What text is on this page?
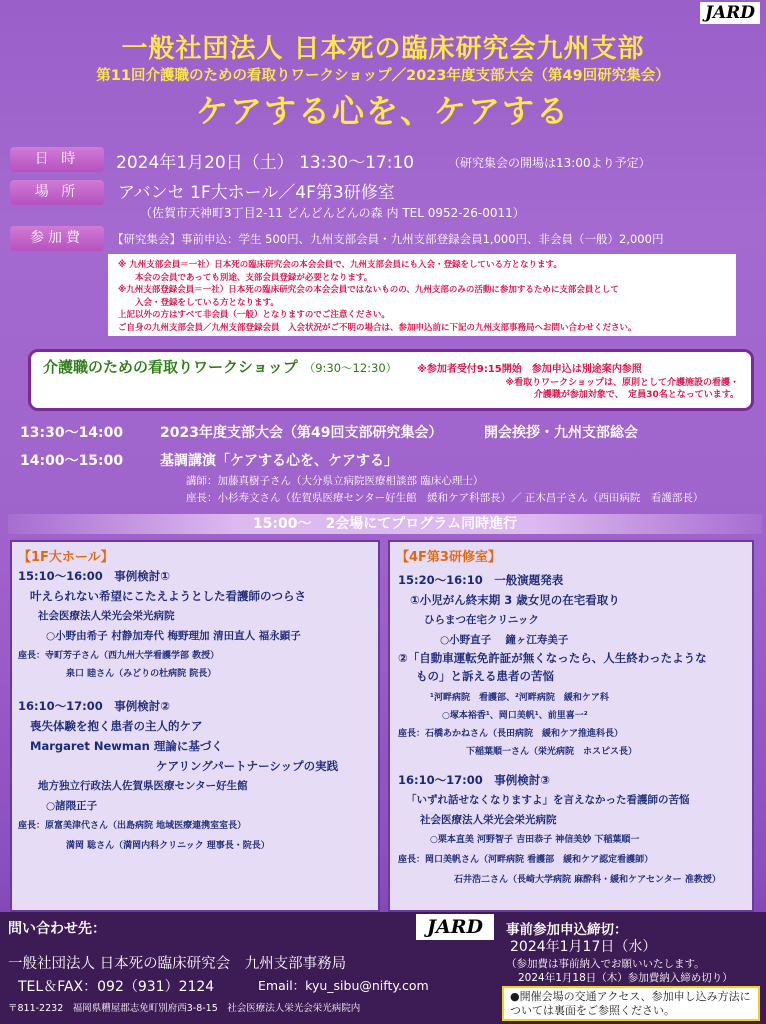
JARD
一般社団法人 日本死の臨床研究会九州支部
第11回介護職のための看取りワークショップ／2023年度支部大会（第49回研究集会）
ケアする心を、ケアする
日 時	2024年1月20日（土） 13:30〜17:10	（研究集会の開場は13:00より予定）
場 所	アバンセ 1F大ホール／4F第3研修室
（佐賀市天神町3丁目2-11 どんどんどんの森 内 TEL 0952-26-0011）
参加費	【研究集会】事前申込：学生 500円、九州支部会員・九州支部登録会員1,000円、非会員（一般）2,000円
※ 九州支部会員＝一社）日本死の臨床研究会の本会会員で、九州支部会員にも入会・登録をしている方となります。
　　本会の会員であっても別途、支部会員登録が必要となります。
※九州支部登録会員＝一社）日本死の臨床研究会の本会会員ではないものの、九州支部のみの活動に参加するために支部会員として
　　入会・登録をしている方となります。
上記以外の方はすべて非会員（一般）となりますのでご注意ください。
ご自身の九州支部会員／九州支部登録会員　入会状況がご不明の場合は、参加申込前に下記の九州支部事務局へお問い合わせください。
介護職のための看取りワークショップ （9:30〜12:30） ※参加者受付9:15開始　参加申込は別途案内参照
※看取りワークショップは、原則として介護施設の看護・
介護職が参加対象で、　定員30名となっています。
13:30〜14:00	2023年度支部大会（第49回支部研究集会）	開会挨拶・九州支部総会
14:00〜15:00	基調講演「ケアする心を、ケアする」
講師：加藤真樹子さん（大分県立病院医療相談部 臨床心理士）
座長：小杉寿文さん（佐賀県医療センター好生館　緩和ケア科部長）／ 正木昌子さん（西田病院　看護部長）
15:00〜　2会場にてプログラム同時進行
【1F大ホール】
15:10〜16:00　事例検討①
叶えられない希望にこたえようとした看護師のつらさ
社会医療法人栄光会栄光病院
○小野由希子 村静加寿代 梅野理加 清田直人 福永顕子
座長：寺町芳子さん（西九州大学看護学部 教授）
泉口 睦さん（みどりの杜病院 院長）
16:10〜17:00　事例検討②
喪失体験を抱く患者の主人的ケア
Margaret Newman 理論に基づく
ケアリングパートナーシップの実践
地方独立行政法人佐賀県医療センター好生館
○諸隈正子
座長：原富美津代さん（出島病院 地域医療連携室室長）
満岡 聡さん（満岡内科クリニック 理事長・院長）
【4F第3研修室】
15:20〜16:10　一般演題発表
①小児がん終末期 3 歳女児の在宅看取り
ひらまつ在宅クリニック
○小野直子　 鐘ヶ江寿美子
②「自動車運転免許証が無くなったら、人生終わったような
もの」と訴える患者の苦悩
¹河畔病院　看護部、²河畔病院　緩和ケア科
○塚本裕香¹、岡口美帆¹、前里喜一²
座長：石橋あかねさん（長田病院　緩和ケア推進科長）
下稲葉順一さん（栄光病院　ホスピス長）
16:10〜17:00　事例検討③
「いずれ話せなくなりますよ」を言えなかった看護師の苦悩
社会医療法人栄光会栄光病院
○栗本直美 河野智子 吉田恭子 神信美妙 下稲葉順一
座長：岡口美帆さん（河畔病院 看護部　緩和ケア認定看護師）
石井浩二さん（長崎大学病院 麻酔科・緩和ケアセンター 准教授）
問い合わせ先：
一般社団法人 日本死の臨床研究会　九州支部事務局
TEL＆FAX：092（931）2124	Email：kyu_sibu@nifty.com
〒811-2232　福岡県糟屋郡志免町別府西3-8-15　社会医療法人栄光会栄光病院内
JARD	事前参加申込締切：
2024年1月17日（水）
（参加費は事前納入でお願いいたします。
2024年1月18日（木）参加費納入締め切り）
●開催会場の交通アクセス、参加申し込み方法については裏面をご参照ください。
